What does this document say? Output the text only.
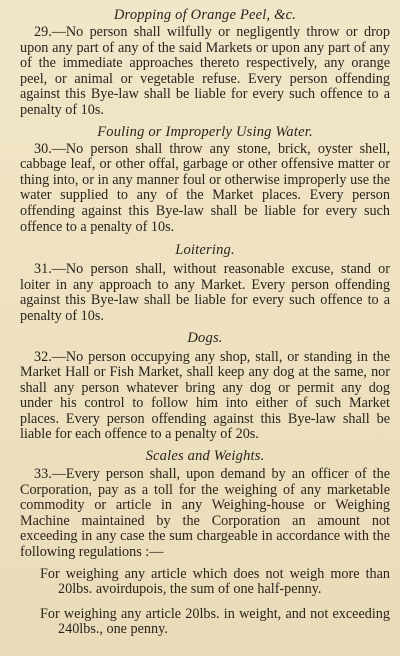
Dropping of Orange Peel, &c.

29.—No person shall wilfully or negligently throw or drop upon any part of any of the said Markets or upon any part of any of the immediate approaches thereto respectively, any orange peel, or animal or vegetable refuse. Every person offending against this Bye-law shall be liable for every such offence to a penalty of 10s.

Fouling or Improperly Using Water.

30.—No person shall throw any stone, brick, oyster shell, cabbage leaf, or other offal, garbage or other offensive matter or thing into, or in any manner foul or otherwise improperly use the water supplied to any of the Market places. Every person offending against this Bye-law shall be liable for every such offence to a penalty of 10s.

Loitering.

31.—No person shall, without reasonable excuse, stand or loiter in any approach to any Market. Every person offending against this Bye-law shall be liable for every such offence to a penalty of 10s.

Dogs.

32.—No person occupying any shop, stall, or standing in the Market Hall or Fish Market, shall keep any dog at the same, nor shall any person whatever bring any dog or permit any dog under his control to follow him into either of such Market places. Every person offending against this Bye-law shall be liable for each offence to a penalty of 20s.

Scales and Weights.

33.—Every person shall, upon demand by an officer of the Corporation, pay as a toll for the weighing of any marketable commodity or article in any Weighing-house or Weighing Machine maintained by the Corporation an amount not exceeding in any case the sum chargeable in accordance with the following regulations :—

For weighing any article which does not weigh more than 20lbs. avoirdupois, the sum of one half-penny.

For weighing any article 20lbs. in weight, and not exceeding 240lbs., one penny.
